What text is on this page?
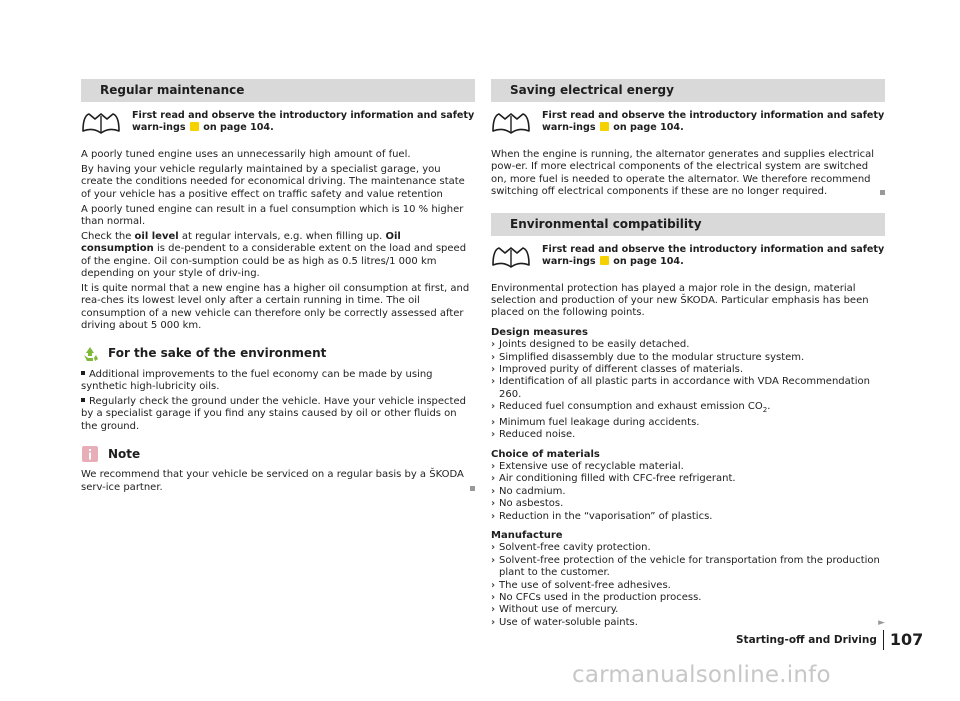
Regular maintenance
First read and observe the introductory information and safety warn-ings on page 104.

A poorly tuned engine uses an unnecessarily high amount of fuel.

By having your vehicle regularly maintained by a specialist garage, you create the conditions needed for economical driving. The maintenance state of your vehicle has a positive effect on traffic safety and value retention

A poorly tuned engine can result in a fuel consumption which is 10 % higher than normal.

Check the oil level at regular intervals, e.g. when filling up. Oil consumption is de-pendent to a considerable extent on the load and speed of the engine. Oil con-sumption could be as high as 0.5 litres/1 000 km depending on your style of driv-ing.

It is quite normal that a new engine has a higher oil consumption at first, and rea-ches its lowest level only after a certain running in time. The oil consumption of a new vehicle can therefore only be correctly assessed after driving about 5 000 km.

For the sake of the environment

Additional improvements to the fuel economy can be made by using synthetic high-lubricity oils.

Regularly check the ground under the vehicle. Have your vehicle inspected by a specialist garage if you find any stains caused by oil or other fluids on the ground.

Note

We recommend that your vehicle be serviced on a regular basis by a ŠKODA serv-ice partner.

Saving electrical energy
First read and observe the introductory information and safety warn-ings on page 104.

When the engine is running, the alternator generates and supplies electrical pow-er. If more electrical components of the electrical system are switched on, more fuel is needed to operate the alternator. We therefore recommend switching off electrical components if these are no longer required.

Environmental compatibility
First read and observe the introductory information and safety warn-ings on page 104.

Environmental protection has played a major role in the design, material selection and production of your new ŠKODA. Particular emphasis has been placed on the following points.

Design measures
› Joints designed to be easily detached.
› Simplified disassembly due to the modular structure system.
› Improved purity of different classes of materials.
› Identification of all plastic parts in accordance with VDA Recommendation 260.
› Reduced fuel consumption and exhaust emission $CO_2$.
› Minimum fuel leakage during accidents.
› Reduced noise.
Choice of materials
› Extensive use of recyclable material.
› Air conditioning filled with CFC-free refrigerant.
› No cadmium.
› No asbestos.
› Reduction in the “vaporisation” of plastics.
Manufacture
› Solvent-free cavity protection.
› Solvent-free protection of the vehicle for transportation from the production plant to the customer.
› The use of solvent-free adhesives.
› No CFCs used in the production process.
› Without use of mercury.
› Use of water-soluble paints.	►
Starting-off and Driving 107
carmanualsonline.info
